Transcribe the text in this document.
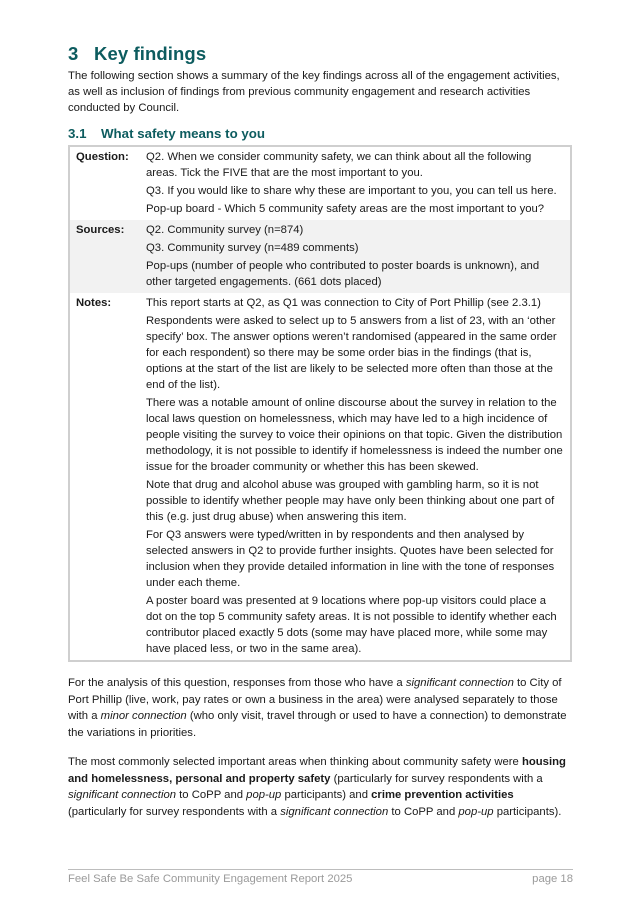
3 Key findings

The following section shows a summary of the key findings across all of the engagement activities, as well as inclusion of findings from previous community engagement and research activities conducted by Council.

3.1 What safety means to you
Question:	Q2. When we consider community safety, we can think about all the following areas. Tick the FIVE that are the most important to you.

Q3. If you would like to share why these are important to you, you can tell us here.

Pop-up board - Which 5 community safety areas are the most important to you?

Sources:	Q2. Community survey (n=874)

Q3. Community survey (n=489 comments)

Pop-ups (number of people who contributed to poster boards is unknown), and other targeted engagements. (661 dots placed)

Notes:	This report starts at Q2, as Q1 was connection to City of Port Phillip (see 2.3.1)

Respondents were asked to select up to 5 answers from a list of 23, with an ‘other specify’ box. The answer options weren’t randomised (appeared in the same order for each respondent) so there may be some order bias in the findings (that is, options at the start of the list are likely to be selected more often than those at the end of the list).

There was a notable amount of online discourse about the survey in relation to the local laws question on homelessness, which may have led to a high incidence of people visiting the survey to voice their opinions on that topic. Given the distribution methodology, it is not possible to identify if homelessness is indeed the number one issue for the broader community or whether this has been skewed.

Note that drug and alcohol abuse was grouped with gambling harm, so it is not possible to identify whether people may have only been thinking about one part of this (e.g. just drug abuse) when answering this item.

For Q3 answers were typed/written in by respondents and then analysed by selected answers in Q2 to provide further insights. Quotes have been selected for inclusion when they provide detailed information in line with the tone of responses under each theme.

A poster board was presented at 9 locations where pop-up visitors could place a dot on the top 5 community safety areas. It is not possible to identify whether each contributor placed exactly 5 dots (some may have placed more, while some may have placed less, or two in the same area).

For the analysis of this question, responses from those who have a significant connection to City of Port Phillip (live, work, pay rates or own a business in the area) were analysed separately to those with a minor connection (who only visit, travel through or used to have a connection) to demonstrate the variations in priorities.

The most commonly selected important areas when thinking about community safety were housing and homelessness, personal and property safety (particularly for survey respondents with a significant connection to CoPP and pop-up participants) and crime prevention activities (particularly for survey respondents with a significant connection to CoPP and pop-up participants).

Feel Safe Be Safe Community Engagement Report 2025	page 18
